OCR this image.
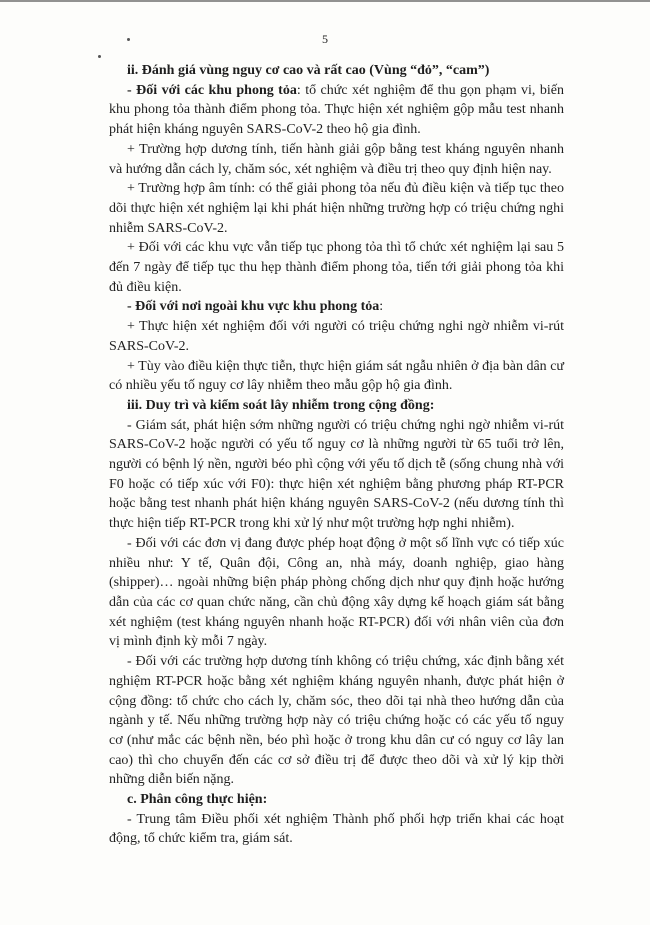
5

ii. Đánh giá vùng nguy cơ cao và rất cao (Vùng “đỏ”, “cam”)

- Đối với các khu phong tỏa: tổ chức xét nghiệm để thu gọn phạm vi, biến khu phong tỏa thành điểm phong tỏa. Thực hiện xét nghiệm gộp mẫu test nhanh phát hiện kháng nguyên SARS-CoV-2 theo hộ gia đình.

+ Trường hợp dương tính, tiến hành giải gộp bằng test kháng nguyên nhanh và hướng dẫn cách ly, chăm sóc, xét nghiệm và điều trị theo quy định hiện nay.

+ Trường hợp âm tính: có thể giải phong tỏa nếu đủ điều kiện và tiếp tục theo dõi thực hiện xét nghiệm lại khi phát hiện những trường hợp có triệu chứng nghi nhiễm SARS-CoV-2.

+ Đối với các khu vực vẫn tiếp tục phong tỏa thì tổ chức xét nghiệm lại sau 5 đến 7 ngày để tiếp tục thu hẹp thành điểm phong tỏa, tiến tới giải phong tỏa khi đủ điều kiện.

- Đối với nơi ngoài khu vực khu phong tỏa:

+ Thực hiện xét nghiệm đối với người có triệu chứng nghi ngờ nhiễm vi-rút SARS-CoV-2.

+ Tùy vào điều kiện thực tiễn, thực hiện giám sát ngẫu nhiên ở địa bàn dân cư có nhiều yếu tố nguy cơ lây nhiễm theo mẫu gộp hộ gia đình.

iii. Duy trì và kiểm soát lây nhiễm trong cộng đồng:

- Giám sát, phát hiện sớm những người có triệu chứng nghi ngờ nhiễm vi-rút SARS-CoV-2 hoặc người có yếu tố nguy cơ là những người từ 65 tuổi trở lên, người có bệnh lý nền, người béo phì cộng với yếu tố dịch tễ (sống chung nhà với F0 hoặc có tiếp xúc với F0): thực hiện xét nghiệm bằng phương pháp RT-PCR hoặc bằng test nhanh phát hiện kháng nguyên SARS-CoV-2 (nếu dương tính thì thực hiện tiếp RT-PCR trong khi xử lý như một trường hợp nghi nhiễm).

- Đối với các đơn vị đang được phép hoạt động ở một số lĩnh vực có tiếp xúc nhiều như: Y tế, Quân đội, Công an, nhà máy, doanh nghiệp, giao hàng (shipper)… ngoài những biện pháp phòng chống dịch như quy định hoặc hướng dẫn của các cơ quan chức năng, cần chủ động xây dựng kế hoạch giám sát bằng xét nghiệm (test kháng nguyên nhanh hoặc RT-PCR) đối với nhân viên của đơn vị mình định kỳ mỗi 7 ngày.

- Đối với các trường hợp dương tính không có triệu chứng, xác định bằng xét nghiệm RT-PCR hoặc bằng xét nghiệm kháng nguyên nhanh, được phát hiện ở cộng đồng: tổ chức cho cách ly, chăm sóc, theo dõi tại nhà theo hướng dẫn của ngành y tế. Nếu những trường hợp này có triệu chứng hoặc có các yếu tố nguy cơ (như mắc các bệnh nền, béo phì hoặc ở trong khu dân cư có nguy cơ lây lan cao) thì cho chuyển đến các cơ sở điều trị để được theo dõi và xử lý kịp thời những diễn biến nặng.

c. Phân công thực hiện:

- Trung tâm Điều phối xét nghiệm Thành phố phối hợp triển khai các hoạt động, tổ chức kiểm tra, giám sát.
